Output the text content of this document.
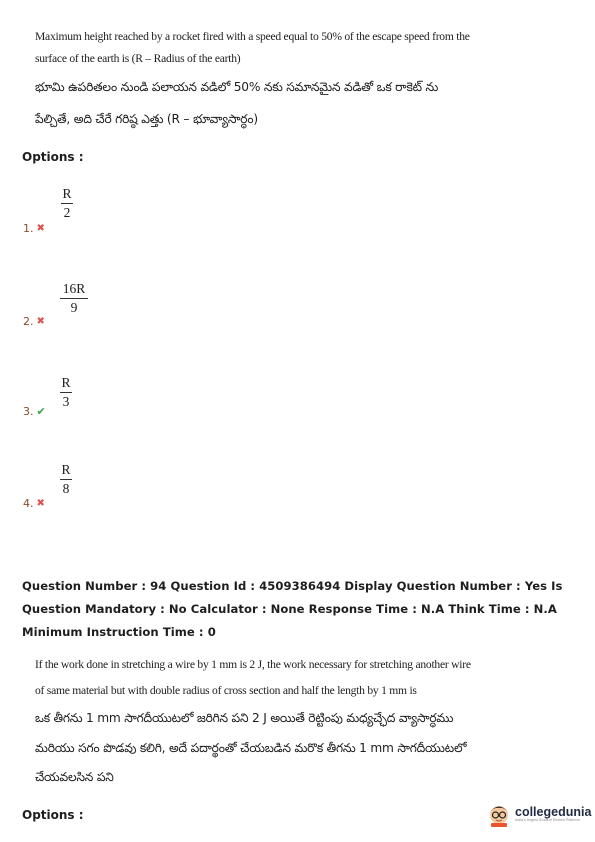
Maximum height reached by a rocket fired with a speed equal to 50% of the escape speed from the
surface of the earth is (R – Radius of the earth)
భూమి ఉపరితలం నుండి పలాయన వడిలో 50% నకు సమానమైన వడితో ఒక రాకెట్ ను
పేల్చితే, అది చేరే గరిష్ఠ ఎత్తు (R – భూవ్యాసార్ధం)
Options :
R
2
1. ✖
16R
9
2. ✖
R
3
3. ✔
R
8
4. ✖
Question Number : 94 Question Id : 4509386494 Display Question Number : Yes Is Question Mandatory : No Calculator : None Response Time : N.A Think Time : N.A Minimum Instruction Time : 0
If the work done in stretching a wire by 1 mm is 2 J, the work necessary for stretching another wire
of same material but with double radius of cross section and half the length by 1 mm is
ఒక తీగను 1 mm సాగదీయుటలో జరిగిన పని 2 J అయితే రెట్టింపు మధ్యచ్ఛేద వ్యాసార్ధము
మరియు సగం పొడవు కలిగి, అదే పదార్థంతో చేయబడిన మరొక తీగను 1 mm సాగదీయుటలో
చేయవలసిన పని
Options :	collegedunia
India's largest Student Review Platform
